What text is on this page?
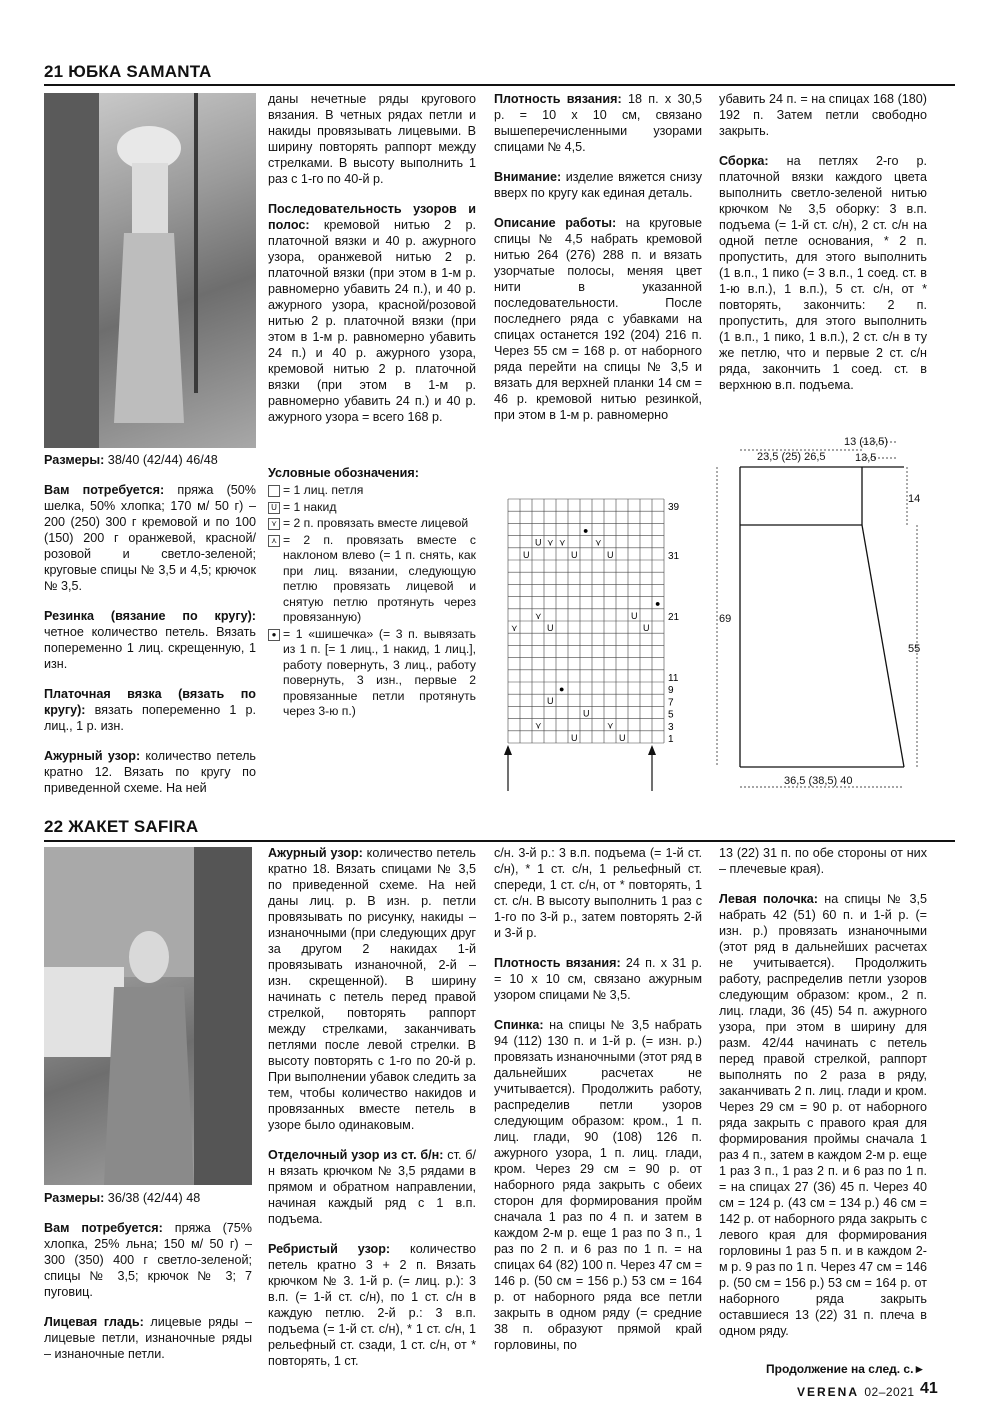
21 ЮБКА SAMANTA

Размеры: 38/40 (42/44) 46/48

Вам потребуется: пряжа (50% шелка, 50% хлопка; 170 м/ 50 г) – 200 (250) 300 г кремовой и по 100 (150) 200 г оранжевой, красной/розовой и светло-зеленой; круговые спицы № 3,5 и 4,5; крючок № 3,5.

Резинка (вязание по кругу): четное количество петель. Вязать попеременно 1 лиц. скрещенную, 1 изн.

Платочная вязка (вязать по кругу): вязать попеременно 1 р. лиц., 1 р. изн.

Ажурный узор: количество петель кратно 12. Вязать по кругу по приведенной схеме. На ней

даны нечетные ряды кругового вязания. В четных рядах петли и накиды провязывать лицевыми. В ширину повторять раппорт между стрелками. В высоту выполнить 1 раз с 1-го по 40-й р.

Последовательность узоров и полос: кремовой нитью 2 р. платочной вязки и 40 р. ажурного узора, оранжевой нитью 2 р. платочной вязки (при этом в 1-м р. равномерно убавить 24 п.), и 40 р. ажурного узора, красной/розовой нитью 2 р. платочной вязки (при этом в 1-м р. равномерно убавить 24 п.) и 40 р. ажурного узора, кремовой нитью 2 р. платочной вязки (при этом в 1-м р. равномерно убавить 24 п.) и 40 р. ажурного узора = всего 168 р.

Условные обозначения:
= 1 лиц. петля
U = 1 накид
⋎ = 2 п. провязать вместе лицевой
⋏ = 2 п. провязать вместе с наклоном влево (= 1 п. снять, как при лиц. вязании, следующую петлю провязать лицевой и снятую петлю протянуть через провязанную)
● = 1 «шишечка» (= 3 п. вывязать из 1 п. [= 1 лиц., 1 накид, 1 лиц.], работу повернуть, 3 лиц., работу повернуть, 3 изн., первые 2 провязанные петли протянуть через 3-ю п.)

Плотность вязания: 18 п. х 30,5 р. = 10 х 10 см, связано вышеперечисленными узорами спицами № 4,5.

Внимание: изделие вяжется снизу вверх по кругу как единая деталь.

Описание работы: на круговые спицы № 4,5 набрать кремовой нитью 264 (276) 288 п. и вязать узорчатые полосы, меняя цвет нити в указанной последовательности. После последнего ряда с убавками на спицах останется 192 (204) 216 п. Через 55 см = 168 р. от наборного ряда перейти на спицы № 3,5 и вязать для верхней планки 14 см = 46 р. кремовой нитью резинкой, при этом в 1-м р. равномерно

U ⋎ ⋎	⋎
U
U	U
●
⋎
⋎	U
U
U
●
●
U
U
⋎	⋎
U	U
39
31
21
11
9
7
5
3
1

убавить 24 п. = на спицах 168 (180) 192 п. Затем петли свободно закрыть.

Сборка: на петлях 2-го р. платочной вязки каждого цвета выполнить светло-зеленой нитью крючком № 3,5 оборку: 3 в.п. подъема (= 1-й ст. с/н), 2 ст. с/н на одной петле основания, * 2 п. пропустить, для этого выполнить (1 в.п., 1 пико (= 3 в.п., 1 соед. ст. в 1-ю в.п.), 1 в.п.), 5 ст. с/н, от * повторять, закончить: 2 п. пропустить, для этого выполнить (1 в.п., 1 пико, 1 в.п.), 2 ст. с/н в ту же петлю, что и первые 2 ст. с/н ряда, закончить 1 соед. ст. в верхнюю в.п. подъема.

23,5 (25) 26,5
13 (13,5)
13,5
14
69
55
36,5 (38,5) 40
22 ЖАКЕТ SAFIRA

Размеры: 36/38 (42/44) 48

Вам потребуется: пряжа (75% хлопка, 25% льна; 150 м/ 50 г) – 300 (350) 400 г светло-зеленой; спицы № 3,5; крючок № 3; 7 пуговиц.

Лицевая гладь: лицевые ряды – лицевые петли, изнаночные ряды – изнаночные петли.

Ажурный узор: количество петель кратно 18. Вязать спицами № 3,5 по приведенной схеме. На ней даны лиц. р. В изн. р. петли провязывать по рисунку, накиды – изнаночными (при следующих друг за другом 2 накидах 1-й провязывать изнаночной, 2-й – изн. скрещенной). В ширину начинать с петель перед правой стрелкой, повторять раппорт между стрелками, заканчивать петлями после левой стрелки. В высоту повторять с 1-го по 20-й р. При выполнении убавок следить за тем, чтобы количество накидов и провязанных вместе петель в узоре было одинаковым.

Отделочный узор из ст. б/н: ст. б/н вязать крючком № 3,5 рядами в прямом и обратном направлении, начиная каждый ряд с 1 в.п. подъема.

Ребристый узор: количество петель кратно 3 + 2 п. Вязать крючком № 3. 1-й р. (= лиц. р.): 3 в.п. (= 1-й ст. с/н), по 1 ст. с/н в каждую петлю. 2-й р.: 3 в.п. подъема (= 1-й ст. с/н), * 1 ст. с/н, 1 рельефный ст. сзади, 1 ст. с/н, от * повторять, 1 ст.

с/н. 3-й р.: 3 в.п. подъема (= 1-й ст. с/н), * 1 ст. с/н, 1 рельефный ст. спереди, 1 ст. с/н, от * повторять, 1 ст. с/н. В высоту выполнить 1 раз с 1-го по 3-й р., затем повторять 2-й и 3-й р.

Плотность вязания: 24 п. х 31 р. = 10 х 10 см, связано ажурным узором спицами № 3,5.

Спинка: на спицы № 3,5 набрать 94 (112) 130 п. и 1-й р. (= изн. р.) провязать изнаночными (этот ряд в дальнейших расчетах не учитывается). Продолжить работу, распределив петли узоров следующим образом: кром., 1 п. лиц. глади, 90 (108) 126 п. ажурного узора, 1 п. лиц. глади, кром. Через 29 см = 90 р. от наборного ряда закрыть с обеих сторон для формирования пройм сначала 1 раз по 4 п. и затем в каждом 2-м р. еще 1 раз по 3 п., 1 раз по 2 п. и 6 раз по 1 п. = на спицах 64 (82) 100 п. Через 47 см = 146 р. (50 см = 156 р.) 53 см = 164 р. от наборного ряда все петли закрыть в одном ряду (= средние 38 п. образуют прямой край горловины, по

13 (22) 31 п. по обе стороны от них – плечевые края).

Левая полочка: на спицы № 3,5 набрать 42 (51) 60 п. и 1-й р. (= изн. р.) провязать изнаночными (этот ряд в дальнейших расчетах не учитывается). Продолжить работу, распределив петли узоров следующим образом: кром., 2 п. лиц. глади, 36 (45) 54 п. ажурного узора, при этом в ширину для разм. 42/44 начинать с петель перед правой стрелкой, раппорт выполнять по 2 раза в ряду, заканчивать 2 п. лиц. глади и кром. Через 29 см = 90 р. от наборного ряда закрыть с правого края для формирования проймы сначала 1 раз 4 п., затем в каждом 2-м р. еще 1 раз 3 п., 1 раз 2 п. и 6 раз по 1 п. = на спицах 27 (36) 45 п. Через 40 см = 124 р. (43 см = 134 р.) 46 см = 142 р. от наборного ряда закрыть с левого края для формирования горловины 1 раз 5 п. и в каждом 2-м р. 9 раз по 1 п. Через 47 см = 146 р. (50 см = 156 р.) 53 см = 164 р. от наборного ряда закрыть оставшиеся 13 (22) 31 п. плеча в одном ряду.

Продолжение на след. с.►
VERENA 02–2021 41
